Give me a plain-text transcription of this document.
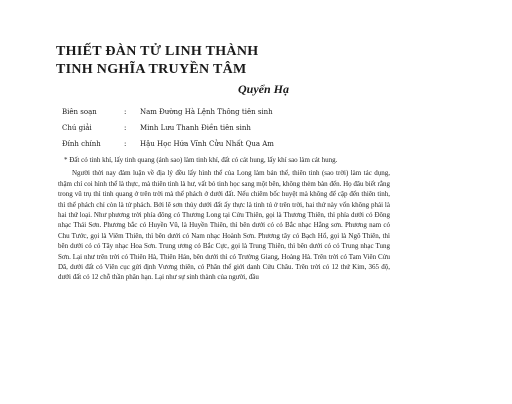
THIẾT ĐÀN TỬ LINH THÀNH
TINH NGHĨA TRUYỀN TÂM
Quyển Hạ
Biên soạn	:	Nam Đường Hà Lệnh Thông tiên sinh
Chú giải	:	Minh Lưu Thanh Điền tiên sinh
Đính chính	:	Hậu Học Hứa Vĩnh Cửu Nhất Qua Am

* Đất có tinh khí, lấy tinh quang (ánh sao) làm tinh khí, đất có cát hung, lấy khí sao làm cát hung.

Người thời nay đàm luận về địa lý đều lấy hình thể của Long làm bản thể, thiên tinh (sao trời) làm tác dụng, thậm chí coi hình thể là thực, mà thiên tinh là hư, vất bỏ tinh học sang một bên, không thèm bàn đến. Họ đâu biết rằng trong vũ trụ thì tinh quang ở trên trời mà thể phách ở dưới đất. Nếu chiêm bốc huyệt mà không để cập đến thiên tinh, thì thể phách chỉ còn là tử phách. Bởi lẽ sơn thủy dưới đất ấy thực là tinh tú ở trên trời, hai thứ này vốn không phải là hai thứ loại. Như phương trời phía đông có Thương Long tại Cửu Thiên, gọi là Thương Thiên, thì phía dưới có Đông nhạc Thái Sơn. Phương bắc có Huyền Vũ, là Huyền Thiên, thì bên dưới có có Bắc nhạc Hằng sơn. Phương nam có Chu Tước, gọi là Viêm Thiên, thì bên dưới có Nam nhạc Hoành Sơn. Phương tây có Bạch Hổ, gọi là Ngô Thiên, thì bên dưới có có Tây nhạc Hoa Sơn. Trung ương có Bắc Cực, gọi là Trung Thiên, thì bên dưới có có Trung nhạc Tung Sơn. Lại như trên trời có Thiên Hà, Thiên Hán, bên dưới thì có Trường Giang, Hoàng Hà. Trên trời có Tam Viên Cửu Dã, dưới đất có Viên cục gửi định Vương thiên, có Phân thể giới danh Cửu Châu. Trên trời có 12 thứ Kim, 365 độ, dưới đất có 12 chỗ thần phân hạn. Lại như sự sinh thành của người, đầu
